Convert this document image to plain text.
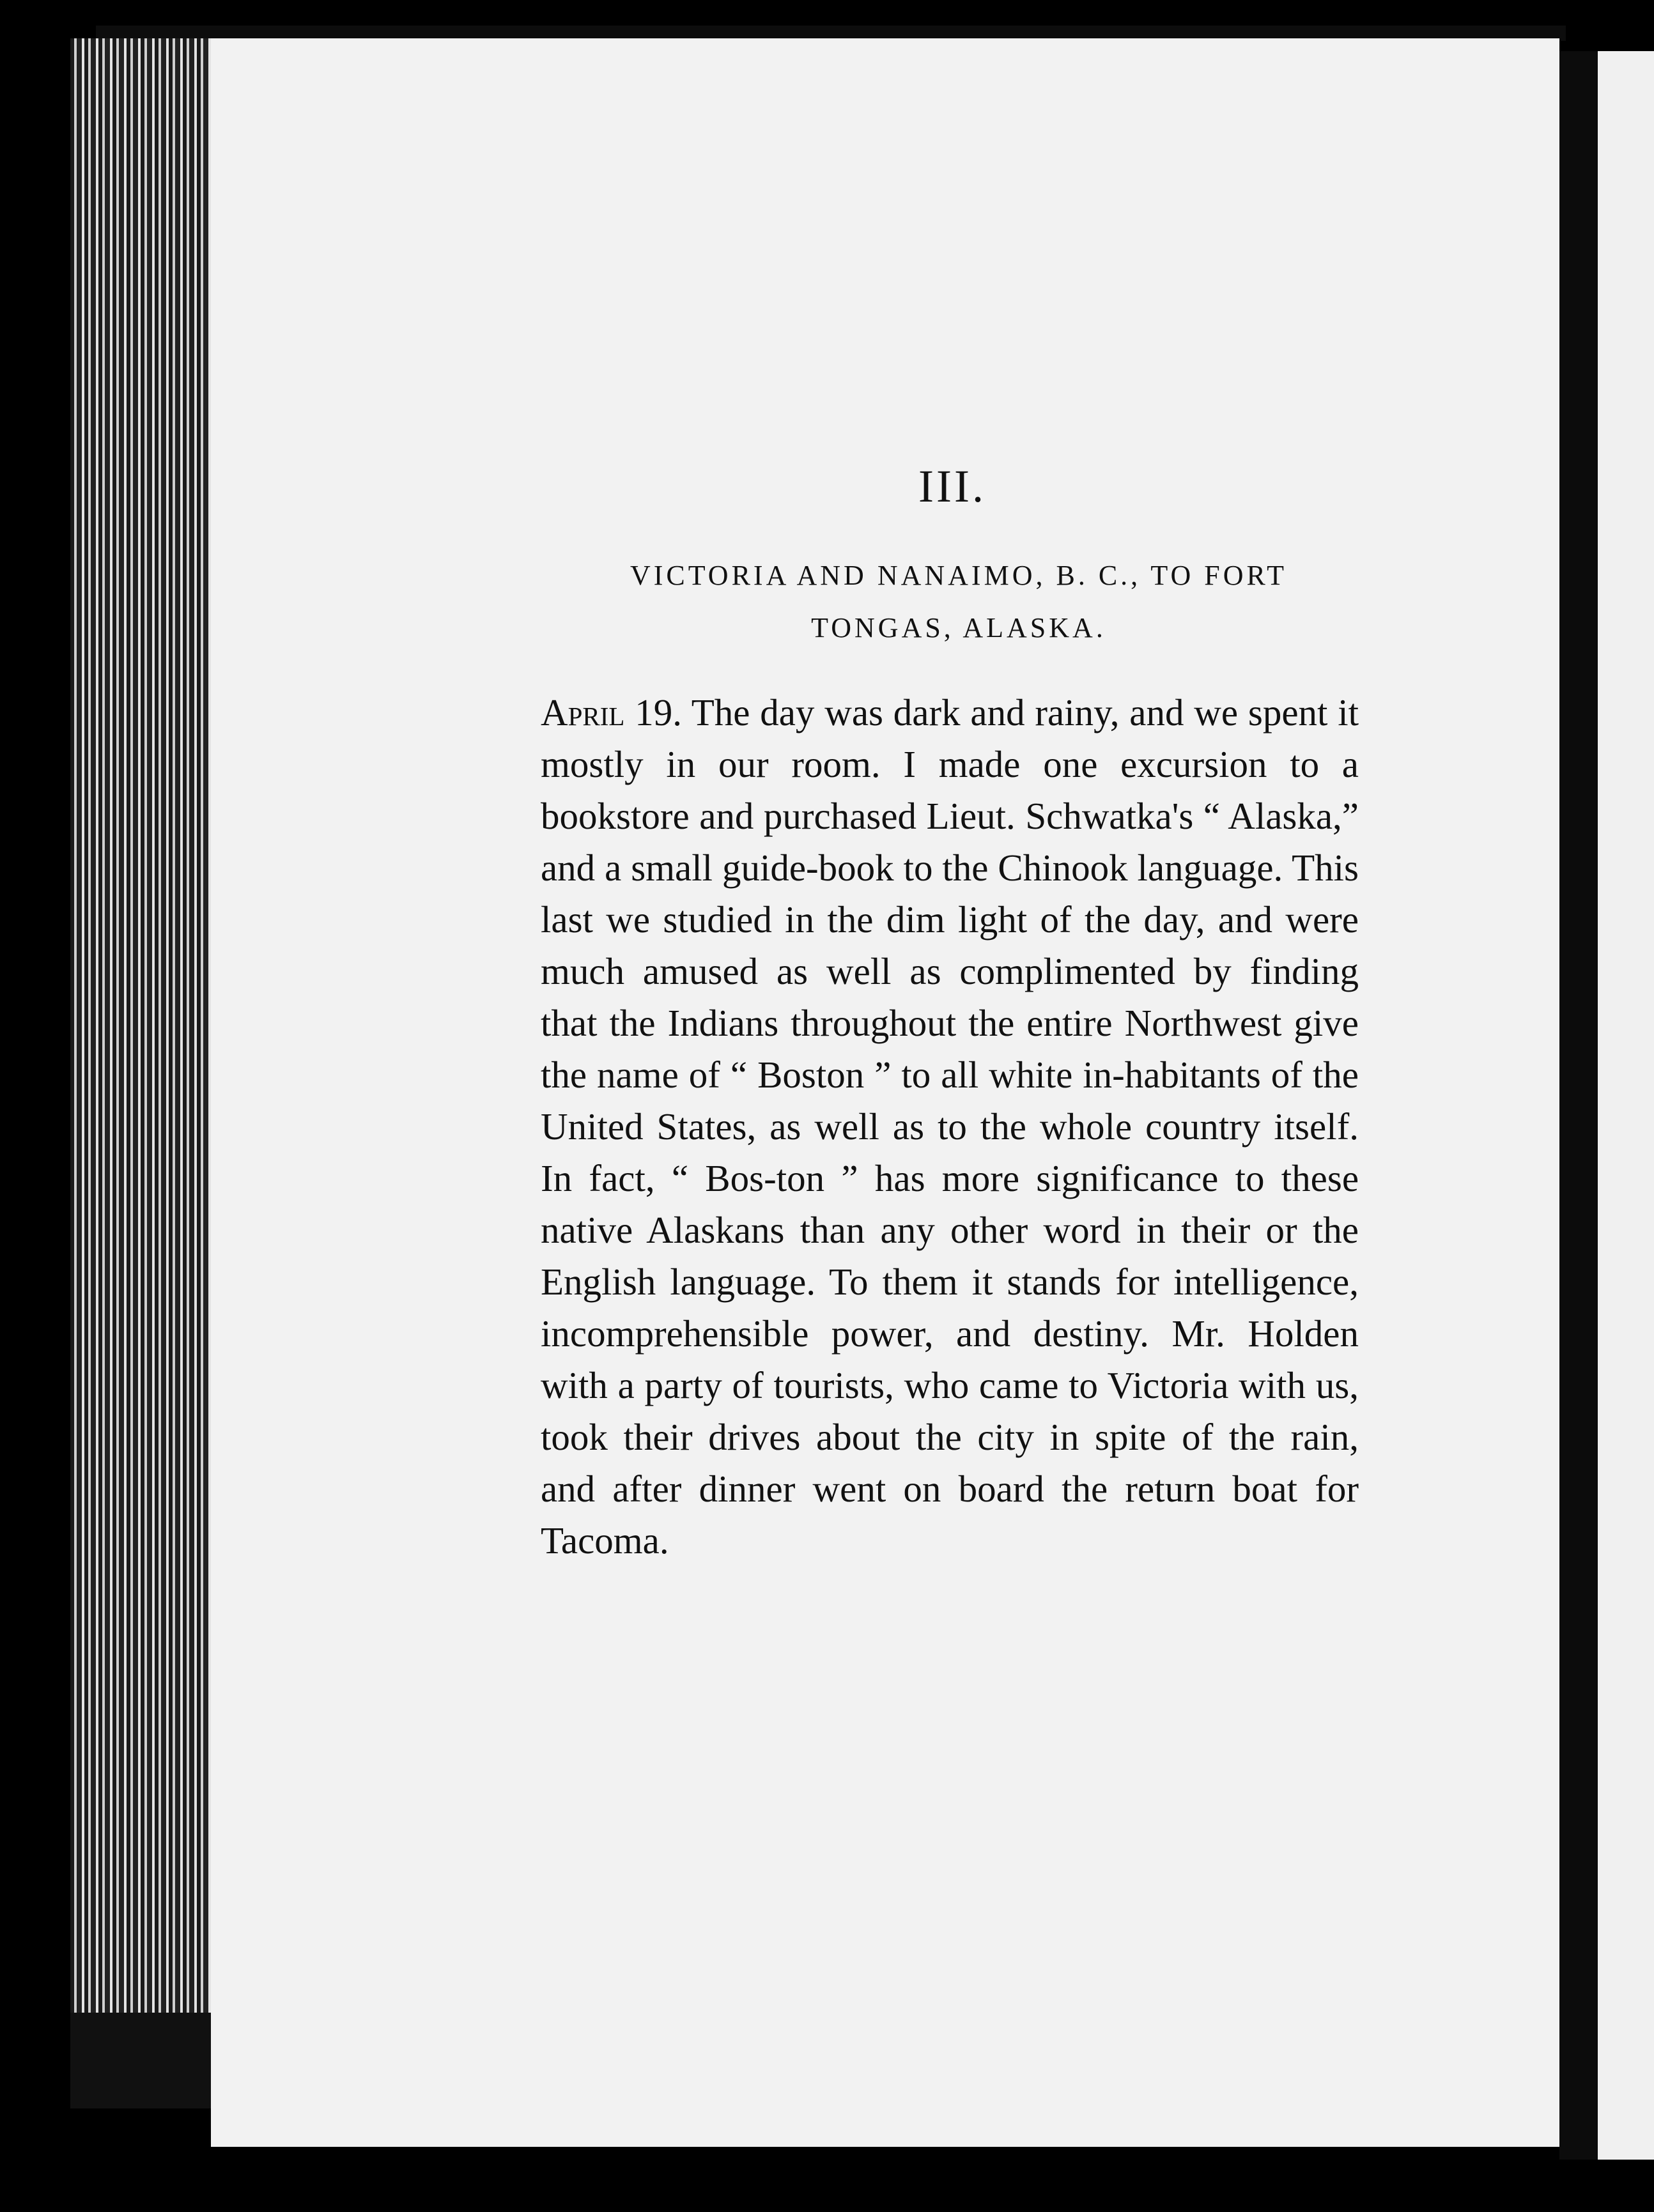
III.
VICTORIA AND NANAIMO, B. C., TO FORT
TONGAS, ALASKA.
April 19. The day was dark and rainy, and we spent it mostly in our room. I made one excursion to a bookstore and purchased Lieut. Schwatka's “ Alaska,” and a small guide-book to the Chinook language. This last we studied in the dim light of the day, and were much amused as well as complimented by finding that the Indians throughout the entire Northwest give the name of “ Boston ” to all white in-habitants of the United States, as well as to the whole country itself. In fact, “ Bos-ton ” has more significance to these native Alaskans than any other word in their or the English language. To them it stands for intelligence, incomprehensible power, and destiny. Mr. Holden with a party of tourists, who came to Victoria with us, took their drives about the city in spite of the rain, and after dinner went on board the return boat for Tacoma.
